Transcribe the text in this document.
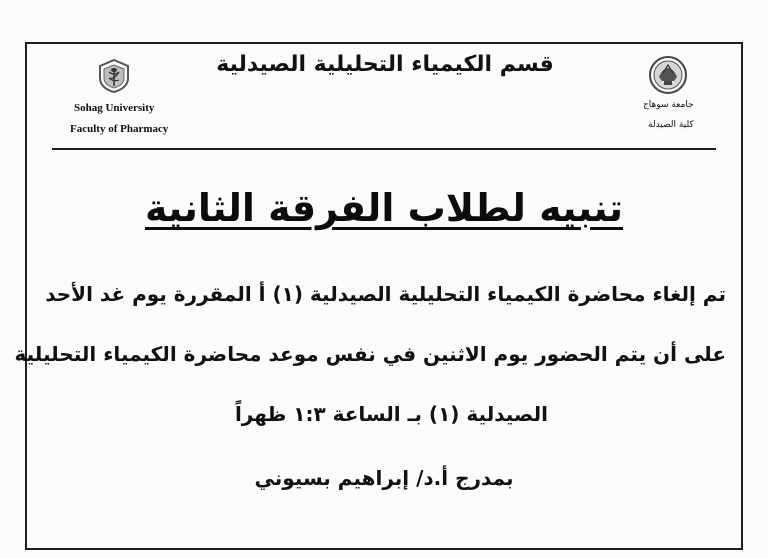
Sohag University
Faculty of Pharmacy
جامعة سوهاج
كلية الصيدلة
قسم الكيمياء التحليلية الصيدلية
تنبيه لطلاب الفرقة الثانية
تم إلغاء محاضرة الكيمياء التحليلية الصيدلية (١) أ المقررة يوم غد الأحد
على أن يتم الحضور يوم الاثنين في نفس موعد محاضرة الكيمياء التحليلية
الصيدلية (١) بـ الساعة ١:٣ ظهراً
بمدرج أ.د/ إبراهيم بسيوني
